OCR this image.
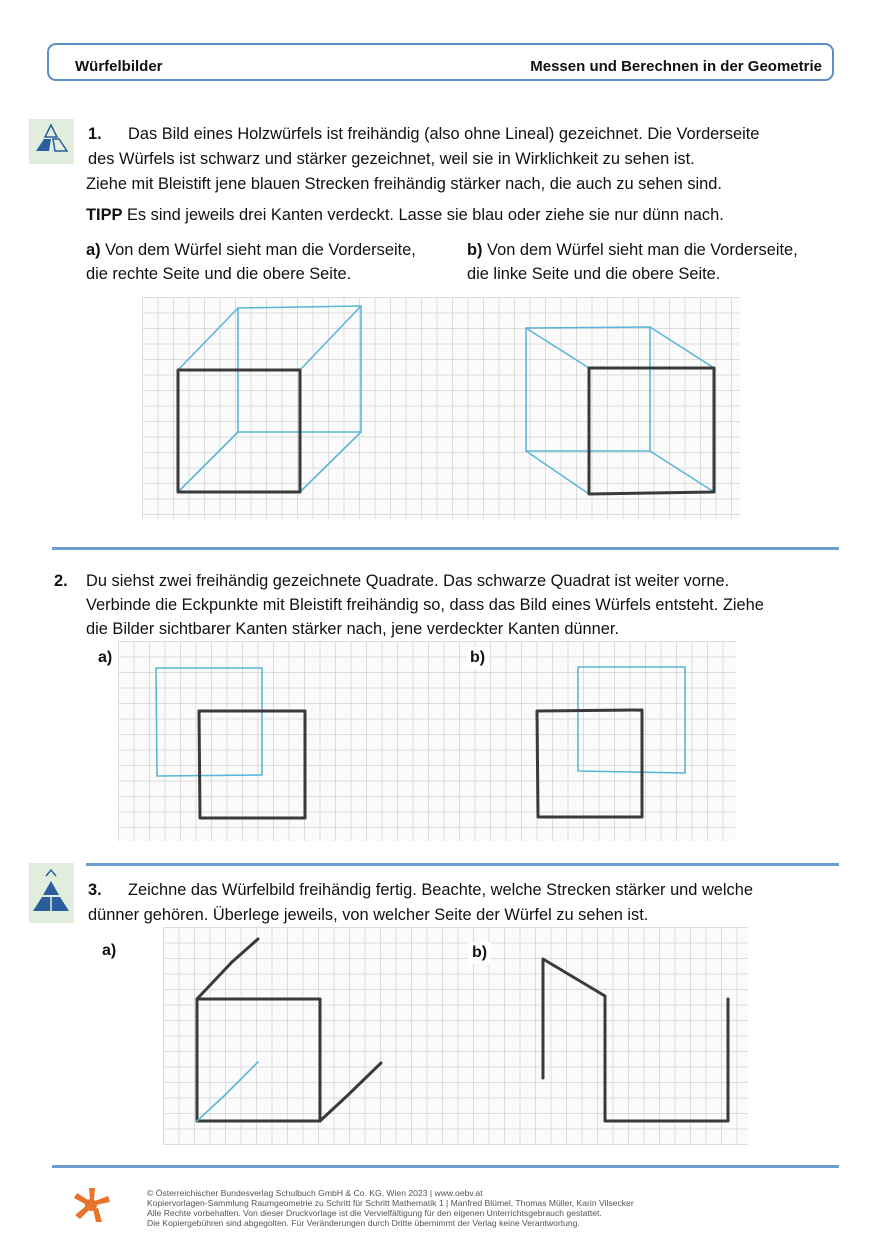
Würfelbilder	Messen und Berechnen in der Geometrie
1. Das Bild eines Holzwürfels ist freihändig (also ohne Lineal) gezeichnet. Die Vorderseite
des Würfels ist schwarz und stärker gezeichnet, weil sie in Wirklichkeit zu sehen ist.
Ziehe mit Bleistift jene blauen Strecken freihändig stärker nach, die auch zu sehen sind.
TIPP Es sind jeweils drei Kanten verdeckt. Lasse sie blau oder ziehe sie nur dünn nach.
a) Von dem Würfel sieht man die Vorderseite,
die rechte Seite und die obere Seite.
b) Von dem Würfel sieht man die Vorderseite,
die linke Seite und die obere Seite.
2. Du siehst zwei freihändig gezeichnete Quadrate. Das schwarze Quadrat ist weiter vorne.
Verbinde die Eckpunkte mit Bleistift freihändig so, dass das Bild eines Würfels entsteht. Ziehe
die Bilder sichtbarer Kanten stärker nach, jene verdeckter Kanten dünner.
a)	b)
3. Zeichne das Würfelbild freihändig fertig. Beachte, welche Strecken stärker und welche
dünner gehören. Überlege jeweils, von welcher Seite der Würfel zu sehen ist.
a)	b)
© Österreichischer Bundesverlag Schulbuch GmbH & Co. KG, Wien 2023 | www.oebv.at
Kopiervorlagen-Sammlung Raumgeometrie zu Schritt für Schritt Mathematik 1 | Manfred Blümel, Thomas Müller, Karin Vilsecker
Alle Rechte vorbehalten. Von dieser Druckvorlage ist die Vervielfältigung für den eigenen Unterrichtsgebrauch gestattet.
Die Kopiergebühren sind abgegolten. Für Veränderungen durch Dritte übernimmt der Verlag keine Verantwortung.
